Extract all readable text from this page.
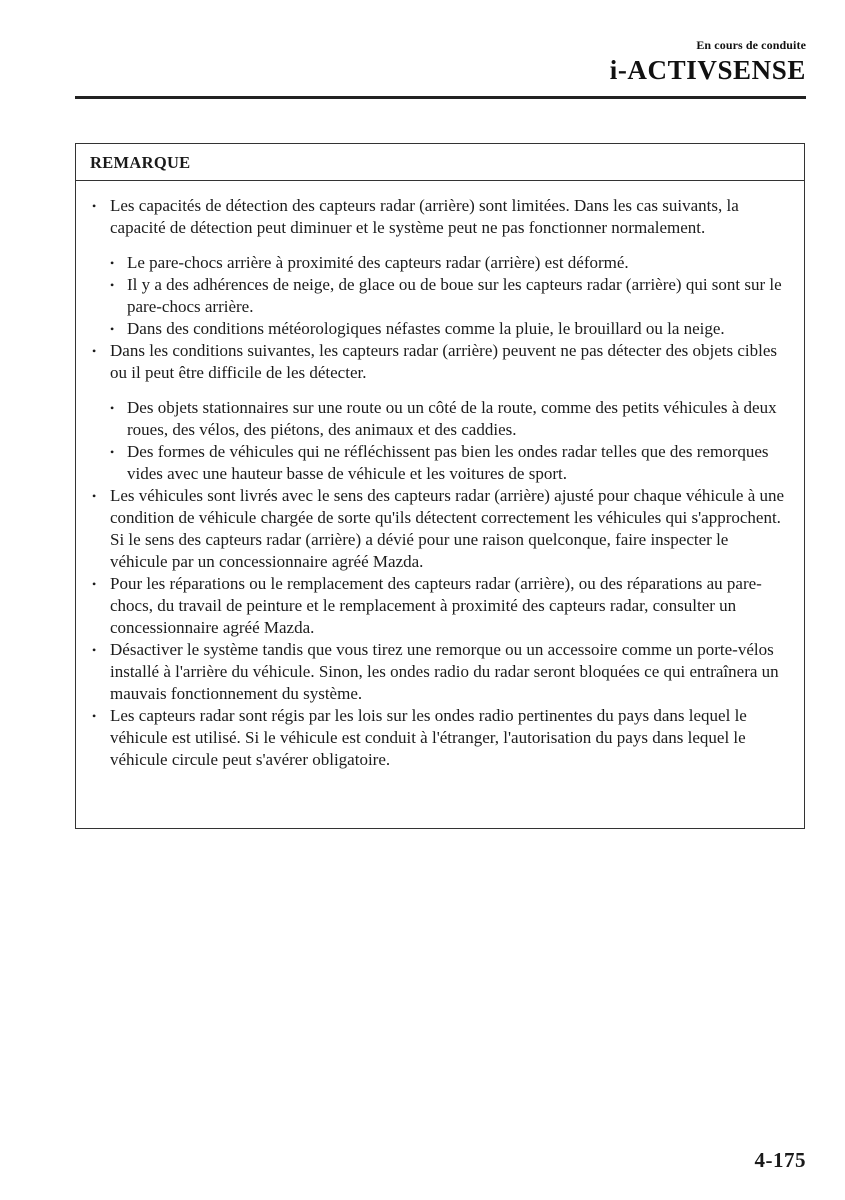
En cours de conduite
i-ACTIVSENSE
REMARQUE
• Les capacités de détection des capteurs radar (arrière) sont limitées. Dans les cas suivants, la capacité de détection peut diminuer et le système peut ne pas fonctionner normalement.
• Le pare-chocs arrière à proximité des capteurs radar (arrière) est déformé.
• Il y a des adhérences de neige, de glace ou de boue sur les capteurs radar (arrière) qui sont sur le pare-chocs arrière.
• Dans des conditions météorologiques néfastes comme la pluie, le brouillard ou la neige.
• Dans les conditions suivantes, les capteurs radar (arrière) peuvent ne pas détecter des objets cibles ou il peut être difficile de les détecter.
• Des objets stationnaires sur une route ou un côté de la route, comme des petits véhicules à deux roues, des vélos, des piétons, des animaux et des caddies.
• Des formes de véhicules qui ne réfléchissent pas bien les ondes radar telles que des remorques vides avec une hauteur basse de véhicule et les voitures de sport.
• Les véhicules sont livrés avec le sens des capteurs radar (arrière) ajusté pour chaque véhicule à une condition de véhicule chargée de sorte qu'ils détectent correctement les véhicules qui s'approchent. Si le sens des capteurs radar (arrière) a dévié pour une raison quelconque, faire inspecter le véhicule par un concessionnaire agréé Mazda.
• Pour les réparations ou le remplacement des capteurs radar (arrière), ou des réparations au pare-chocs, du travail de peinture et le remplacement à proximité des capteurs radar, consulter un concessionnaire agréé Mazda.
• Désactiver le système tandis que vous tirez une remorque ou un accessoire comme un porte-vélos installé à l'arrière du véhicule. Sinon, les ondes radio du radar seront bloquées ce qui entraînera un mauvais fonctionnement du système.
• Les capteurs radar sont régis par les lois sur les ondes radio pertinentes du pays dans lequel le véhicule est utilisé. Si le véhicule est conduit à l'étranger, l'autorisation du pays dans lequel le véhicule circule peut s'avérer obligatoire.
4-175
